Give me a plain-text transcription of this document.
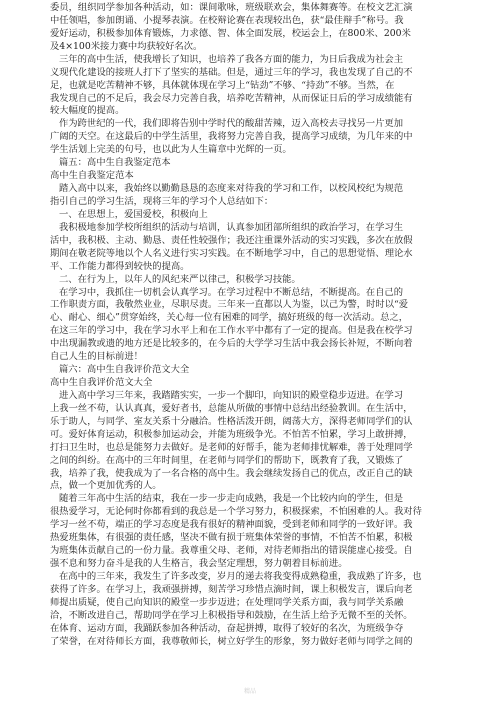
委员，组织同学参加各种活动，如：课间歌咏，班级联欢会，集体舞赛等。在校文艺汇演
中任领唱，参加朗诵、小提琴表演。在校辩论赛在表现较出色，获“最佳辩手”称号。我
爱好运动，积极参加体育锻炼，力求德、智、体全面发展，校运会上，在800米、200米
及4×100米接力赛中均获较好名次。
三年的高中生活，使我增长了知识，也培养了我各方面的能力，为日后我成为社会主
义现代化建设的接班人打下了坚实的基础。但是，通过三年的学习，我也发现了自己的不
足，也就是吃苦精神不够，具体就体现在学习上“钻劲”不够、“持劲”不够。当然，在
我发现自己的不足后，我会尽力完善自我，培养吃苦精神，从而保证日后的学习成绩能有
较大幅度的提高。
作为跨世纪的一代，我们即将告别中学时代的酸甜苦辣，迈入高校去寻找另一片更加
广阔的天空。在这最后的中学生活里，我将努力完善自我，提高学习成绩，为几年来的中
学生活划上完美的句号，也以此为人生篇章中光辉的一页。
篇五：高中生自我鉴定范本
高中生自我鉴定范本
踏入高中以来，我始终以勤勤恳恳的态度来对待我的学习和工作，以校风校纪为规范
指引自己的学习生活，现将三年的学习个人总结如下：
一、在思想上，爱国爱校，积极向上
我积极地参加学校所组织的活动与培训，认真参加团部所组织的政治学习，在学习生
活中，我积极、主动、勤恳、责任性较强作；我还注重课外活动的实习实践，多次在放假
期间在敬老院等地以个人名义进行实习实践。在不断地学习中，自己的思想觉悟、理论水
平、工作能力都得到较快的提高。
二、在行为上，以年人的风纪来严以律己，积极学习技能。
在学习中，我抓住一切机会认真学习。在学习过程中不断总结，不断提高。在自己的
工作职责方面，我敬然业业，尽职尽责。三年来一直都以人为鉴，以己为警，时时以“爱
心、耐心、细心”贯穿始终，关心每一位有困难的同学，搞好班级的每一次活动。总之，
在这三年的学习中，我在学习水平上和在工作水平中都有了一定的提高。但是我在校学习
中出现漏教或遗的地方还是比较多的，在今后的大学学习生活中我会扬长补短，不断向着
自己人生的目标前进！
篇六：高中生自我评价范文大全
高中生自我评价范文大全
进入高中学习三年来，我踏踏实实，一步一个脚印，向知识的殿堂稳步迈进。在学习
上我一丝不苟，认认真真，爱好者书，总能从所做的事情中总结出经验教训。在生活中，
乐于助人，与同学、室友关系十分融洽。性格活泼开朗，阔荡大方，深得老师同学们的认
可。爱好体育运动，积极参加运动会，并能为班级争光。不怕苦不怕累，学习上敢拼搏，
打扫卫生时，也总是能努力去做好。是老师的好帮手，能为老师排忧解难，善于处理同学
之间的纠纷。在高中的三年时间里，在老师与同学们的帮助下，既教育了我，又锻炼了
我，培养了我，使我成为了一名合格的高中生。我会继续发扬自己的优点，改正自己的缺
点，做一个更加优秀的人。
随着三年高中生活的结束，我在一步一步走向成熟，我是一个比较内向的学生，但是
很热爱学习，无论何时你都看到的我总是一个学习努力，积极探索，不怕困难的人。我对待
学习一丝不苟，端正的学习态度是我有很好的精神面貌，受到老师和同学的一致好评。我
热爱班集体，有很强的责任感，坚决不做有损于班集体荣誉的事情，不怕苦不怕累，积极
为班集体贡献自己的一份力量。我尊重父母、老师，对待老师指出的错误能虚心接受。自
强不息和努力奋斗是我的人生格言，我会坚定理想，努力朝着目标前进。
在高中的三年来，我发生了许多改变，岁月的递去将我变得成熟稳重，我成熟了许多，也
获得了许多。在学习上，我顽强拼搏，刻苦学习珍惜点滴时间，课上积极发言，课后向老
师提出质疑，使自己向知识的殿堂一步步迈进；在处理同学关系方面，我与同学关系融
洽，不断改进自己，帮助同学在学习上积极指导和鼓励，在生活上给予无微不至的关怀。
在体育、运动方面，我踊跃参加各种活动，奋起拼搏，取得了较好的名次，为班级争夺
了荣誉，在对待师长方面，我尊敬师长，树立好学生的形象，努力做好老师与同学之间的
精品
